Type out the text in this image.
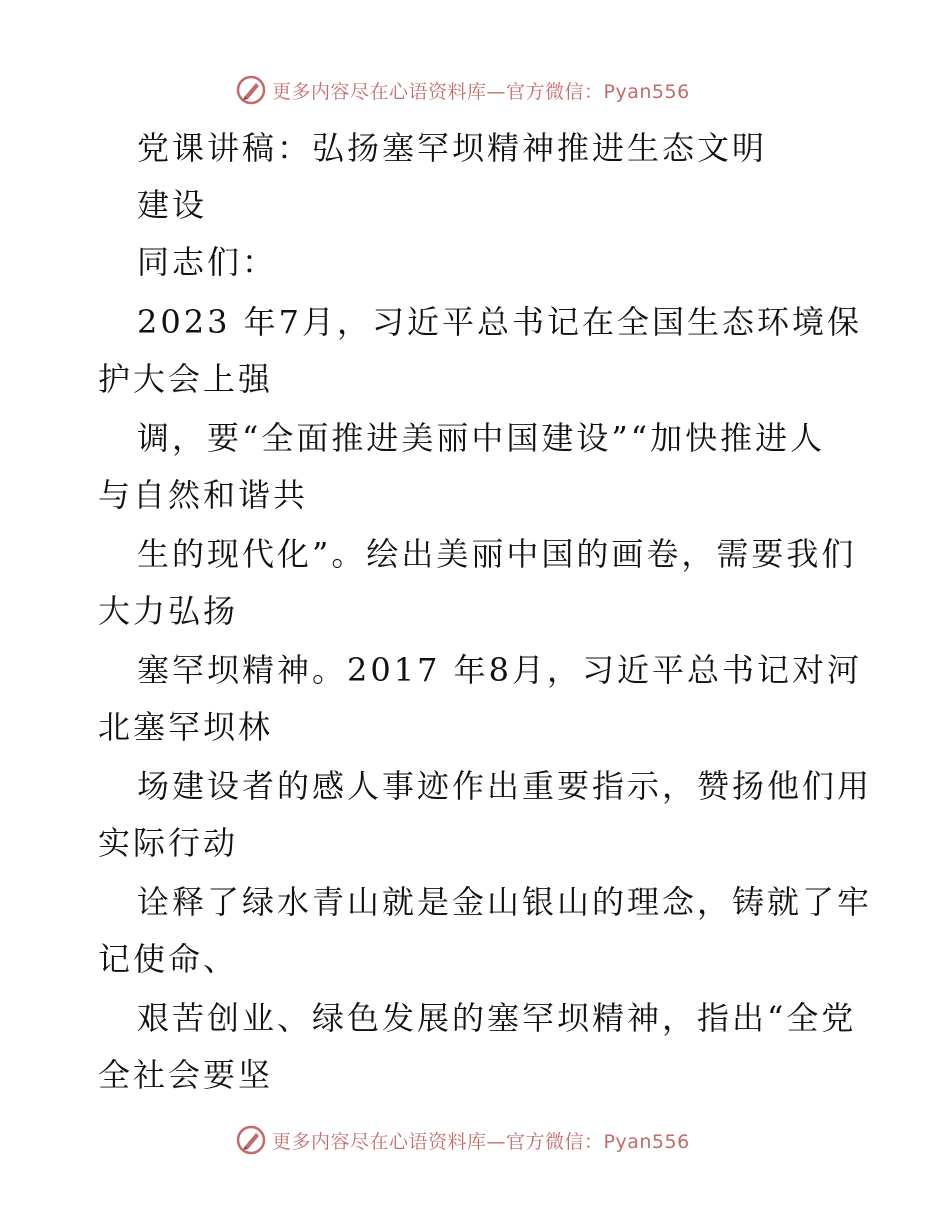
更多内容尽在心语资料库—官方微信：Pyan556
党课讲稿：弘扬塞罕坝精神推进生态文明
建设
同志们：
2023 年7月，习近平总书记在全国生态环境保
护大会上强
调，要“全面推进美丽中国建设”“加快推进人
与自然和谐共
生的现代化”。绘出美丽中国的画卷，需要我们
大力弘扬
塞罕坝精神。2017 年8月，习近平总书记对河
北塞罕坝林
场建设者的感人事迹作出重要指示，赞扬他们用
实际行动
诠释了绿水青山就是金山银山的理念，铸就了牢
记使命、
艰苦创业、绿色发展的塞罕坝精神，指出“全党
全社会要坚
更多内容尽在心语资料库—官方微信：Pyan556
